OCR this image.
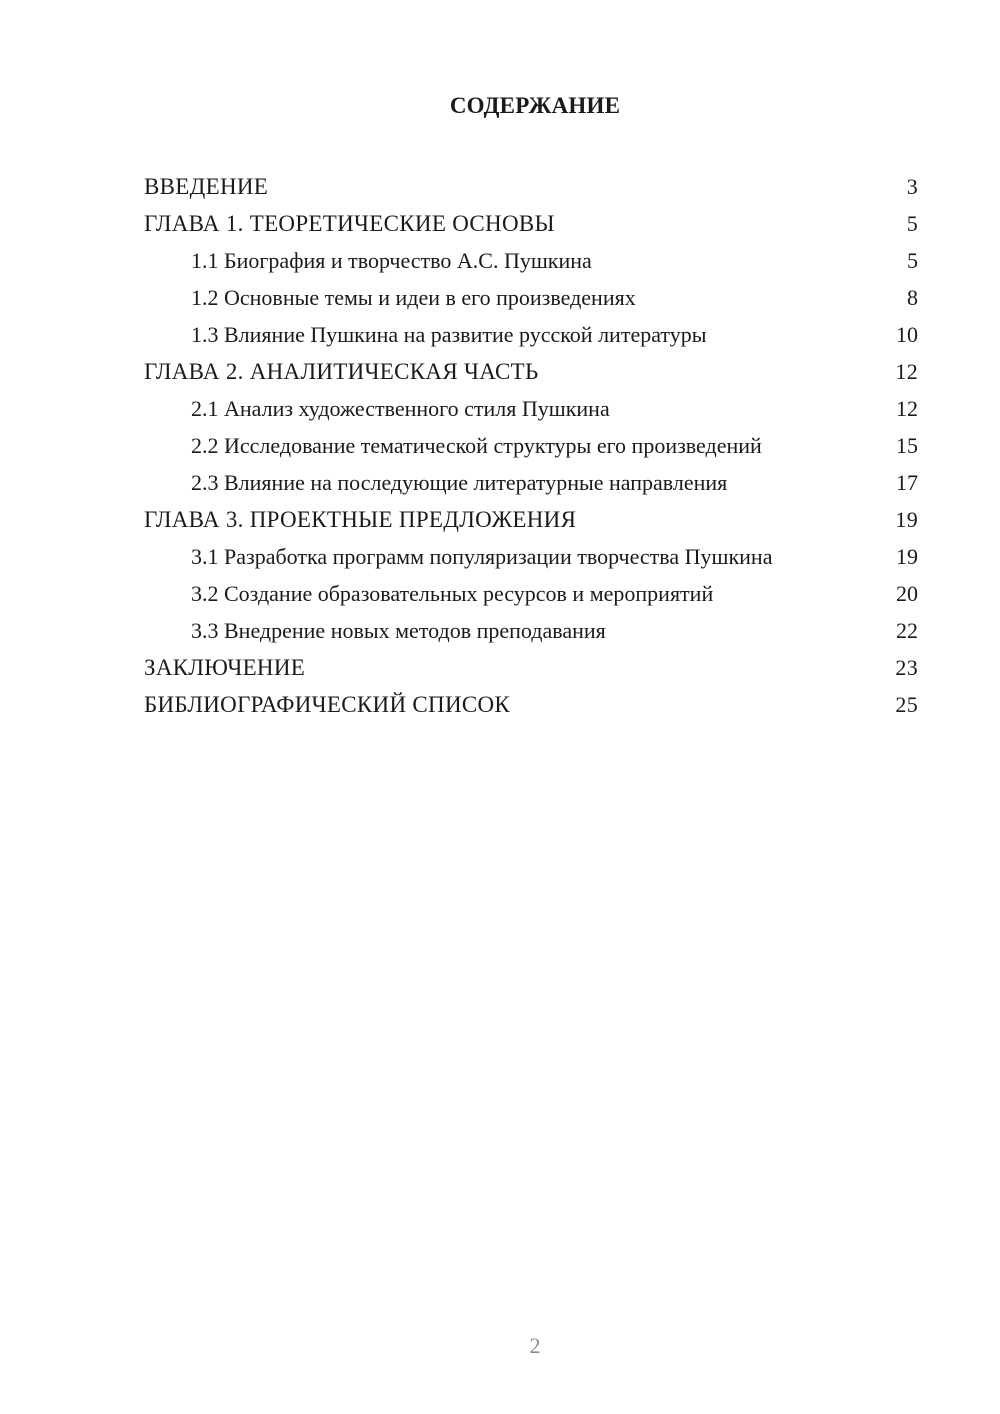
СОДЕРЖАНИЕ
ВВЕДЕНИЕ	3
ГЛАВА 1. ТЕОРЕТИЧЕСКИЕ ОСНОВЫ	5
1.1 Биография и творчество А.С. Пушкина	5
1.2 Основные темы и идеи в его произведениях	8
1.3 Влияние Пушкина на развитие русской литературы	10
ГЛАВА 2. АНАЛИТИЧЕСКАЯ ЧАСТЬ	12
2.1 Анализ художественного стиля Пушкина	12
2.2 Исследование тематической структуры его произведений	15
2.3 Влияние на последующие литературные направления	17
ГЛАВА 3. ПРОЕКТНЫЕ ПРЕДЛОЖЕНИЯ	19
3.1 Разработка программ популяризации творчества Пушкина	19
3.2 Создание образовательных ресурсов и мероприятий	20
3.3 Внедрение новых методов преподавания	22
ЗАКЛЮЧЕНИЕ	23
БИБЛИОГРАФИЧЕСКИЙ СПИСОК	25
2
